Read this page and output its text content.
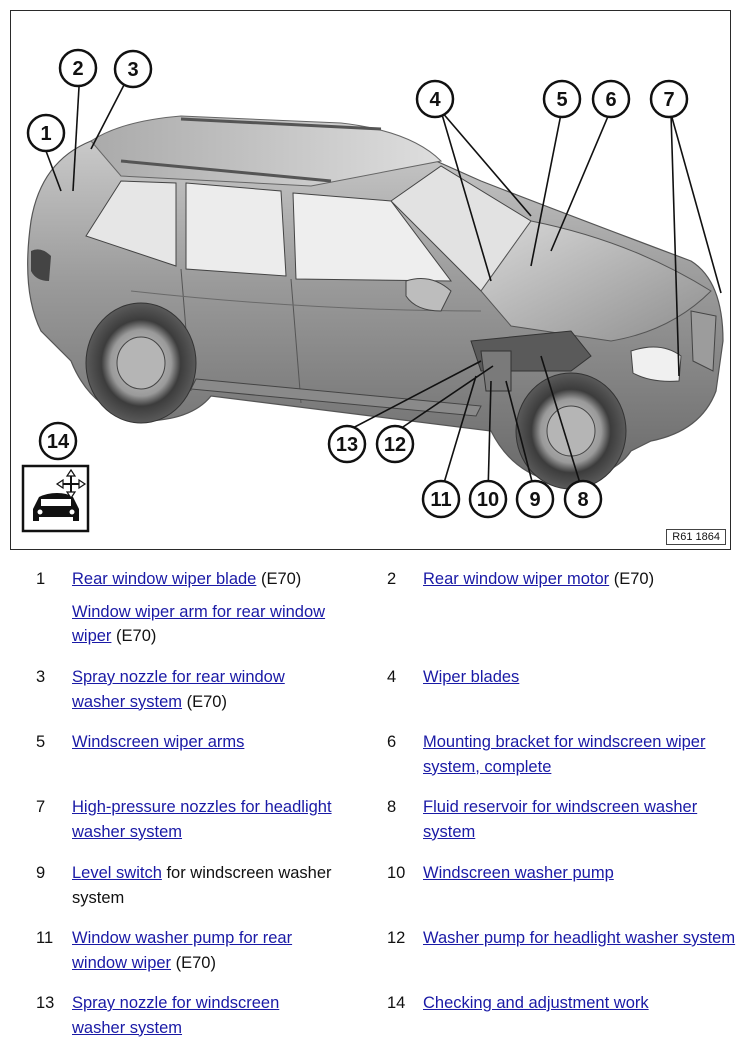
1
2 3
4	5 6 7
13 12
11 10 9 8
14
R61 1864
1 Rear window wiper blade (E70)
Window wiper arm for rear window wiper (E70)
2 Rear window wiper motor (E70)
3 Spray nozzle for rear window washer system (E70)
4 Wiper blades
5 Windscreen wiper arms	6 Mounting bracket for windscreen wiper system, complete
7 High-pressure nozzles for headlight washer system
8 Fluid reservoir for windscreen washer system
9 Level switch for windscreen washer system
10 Windscreen washer pump
11 Window washer pump for rear window wiper (E70)
12 Washer pump for headlight washer system
13 Spray nozzle for windscreen washer system
14 Checking and adjustment work
